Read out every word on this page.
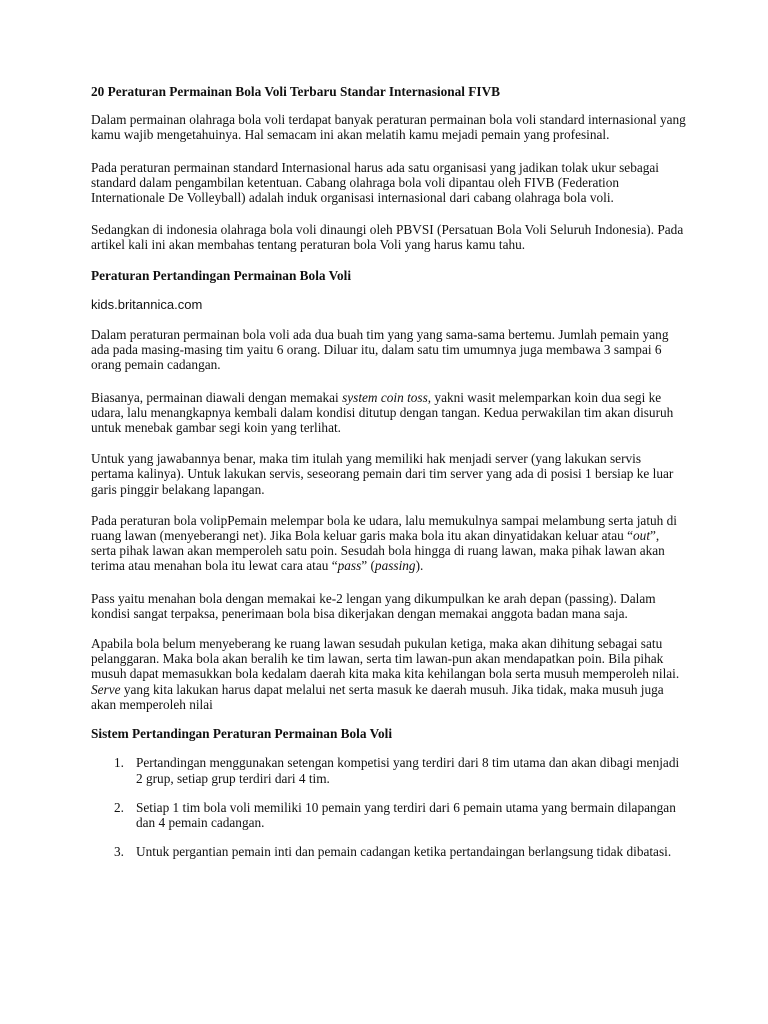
20 Peraturan Permainan Bola Voli Terbaru Standar Internasional FIVB

Dalam permainan olahraga bola voli terdapat banyak peraturan permainan bola voli standard internasional yang kamu wajib mengetahuinya. Hal semacam ini akan melatih kamu mejadi pemain yang profesinal.

Pada peraturan permainan standard Internasional harus ada satu organisasi yang jadikan tolak ukur sebagai standard dalam pengambilan ketentuan. Cabang olahraga bola voli dipantau oleh FIVB (Federation Internationale De Volleyball) adalah induk organisasi internasional dari cabang olahraga bola voli.

Sedangkan di indonesia olahraga bola voli dinaungi oleh PBVSI (Persatuan Bola Voli Seluruh Indonesia). Pada artikel kali ini akan membahas tentang peraturan bola Voli yang harus kamu tahu.

Peraturan Pertandingan Permainan Bola Voli

kids.britannica.com

Dalam peraturan permainan bola voli ada dua buah tim yang yang sama-sama bertemu. Jumlah pemain yang ada pada masing-masing tim yaitu 6 orang. Diluar itu, dalam satu tim umumnya juga membawa 3 sampai 6 orang pemain cadangan.

Biasanya, permainan diawali dengan memakai system coin toss, yakni wasit melemparkan koin dua segi ke udara, lalu menangkapnya kembali dalam kondisi ditutup dengan tangan. Kedua perwakilan tim akan disuruh untuk menebak gambar segi koin yang terlihat.

Untuk yang jawabannya benar, maka tim itulah yang memiliki hak menjadi server (yang lakukan servis pertama kalinya). Untuk lakukan servis, seseorang pemain dari tim server yang ada di posisi 1 bersiap ke luar garis pinggir belakang lapangan.

Pada peraturan bola volipPemain melempar bola ke udara, lalu memukulnya sampai melambung serta jatuh di ruang lawan (menyeberangi net). Jika Bola keluar garis maka bola itu akan dinyatidakan keluar atau “out”, serta pihak lawan akan memperoleh satu poin. Sesudah bola hingga di ruang lawan, maka pihak lawan akan terima atau menahan bola itu lewat cara atau “pass” (passing).

Pass yaitu menahan bola dengan memakai ke-2 lengan yang dikumpulkan ke arah depan (passing). Dalam kondisi sangat terpaksa, penerimaan bola bisa dikerjakan dengan memakai anggota badan mana saja.

Apabila bola belum menyeberang ke ruang lawan sesudah pukulan ketiga, maka akan dihitung sebagai satu pelanggaran. Maka bola akan beralih ke tim lawan, serta tim lawan-pun akan mendapatkan poin. Bila pihak musuh dapat memasukkan bola kedalam daerah kita maka kita kehilangan bola serta musuh memperoleh nilai. Serve yang kita lakukan harus dapat melalui net serta masuk ke daerah musuh. Jika tidak, maka musuh juga akan memperoleh nilai

Sistem Pertandingan Peraturan Permainan Bola Voli

1. Pertandingan menggunakan setengan kompetisi yang terdiri dari 8 tim utama dan akan dibagi menjadi 2 grup, setiap grup terdiri dari 4 tim.
2. Setiap 1 tim bola voli memiliki 10 pemain yang terdiri dari 6 pemain utama yang bermain dilapangan dan 4 pemain cadangan.
3. Untuk pergantian pemain inti dan pemain cadangan ketika pertandaingan berlangsung tidak dibatasi.
